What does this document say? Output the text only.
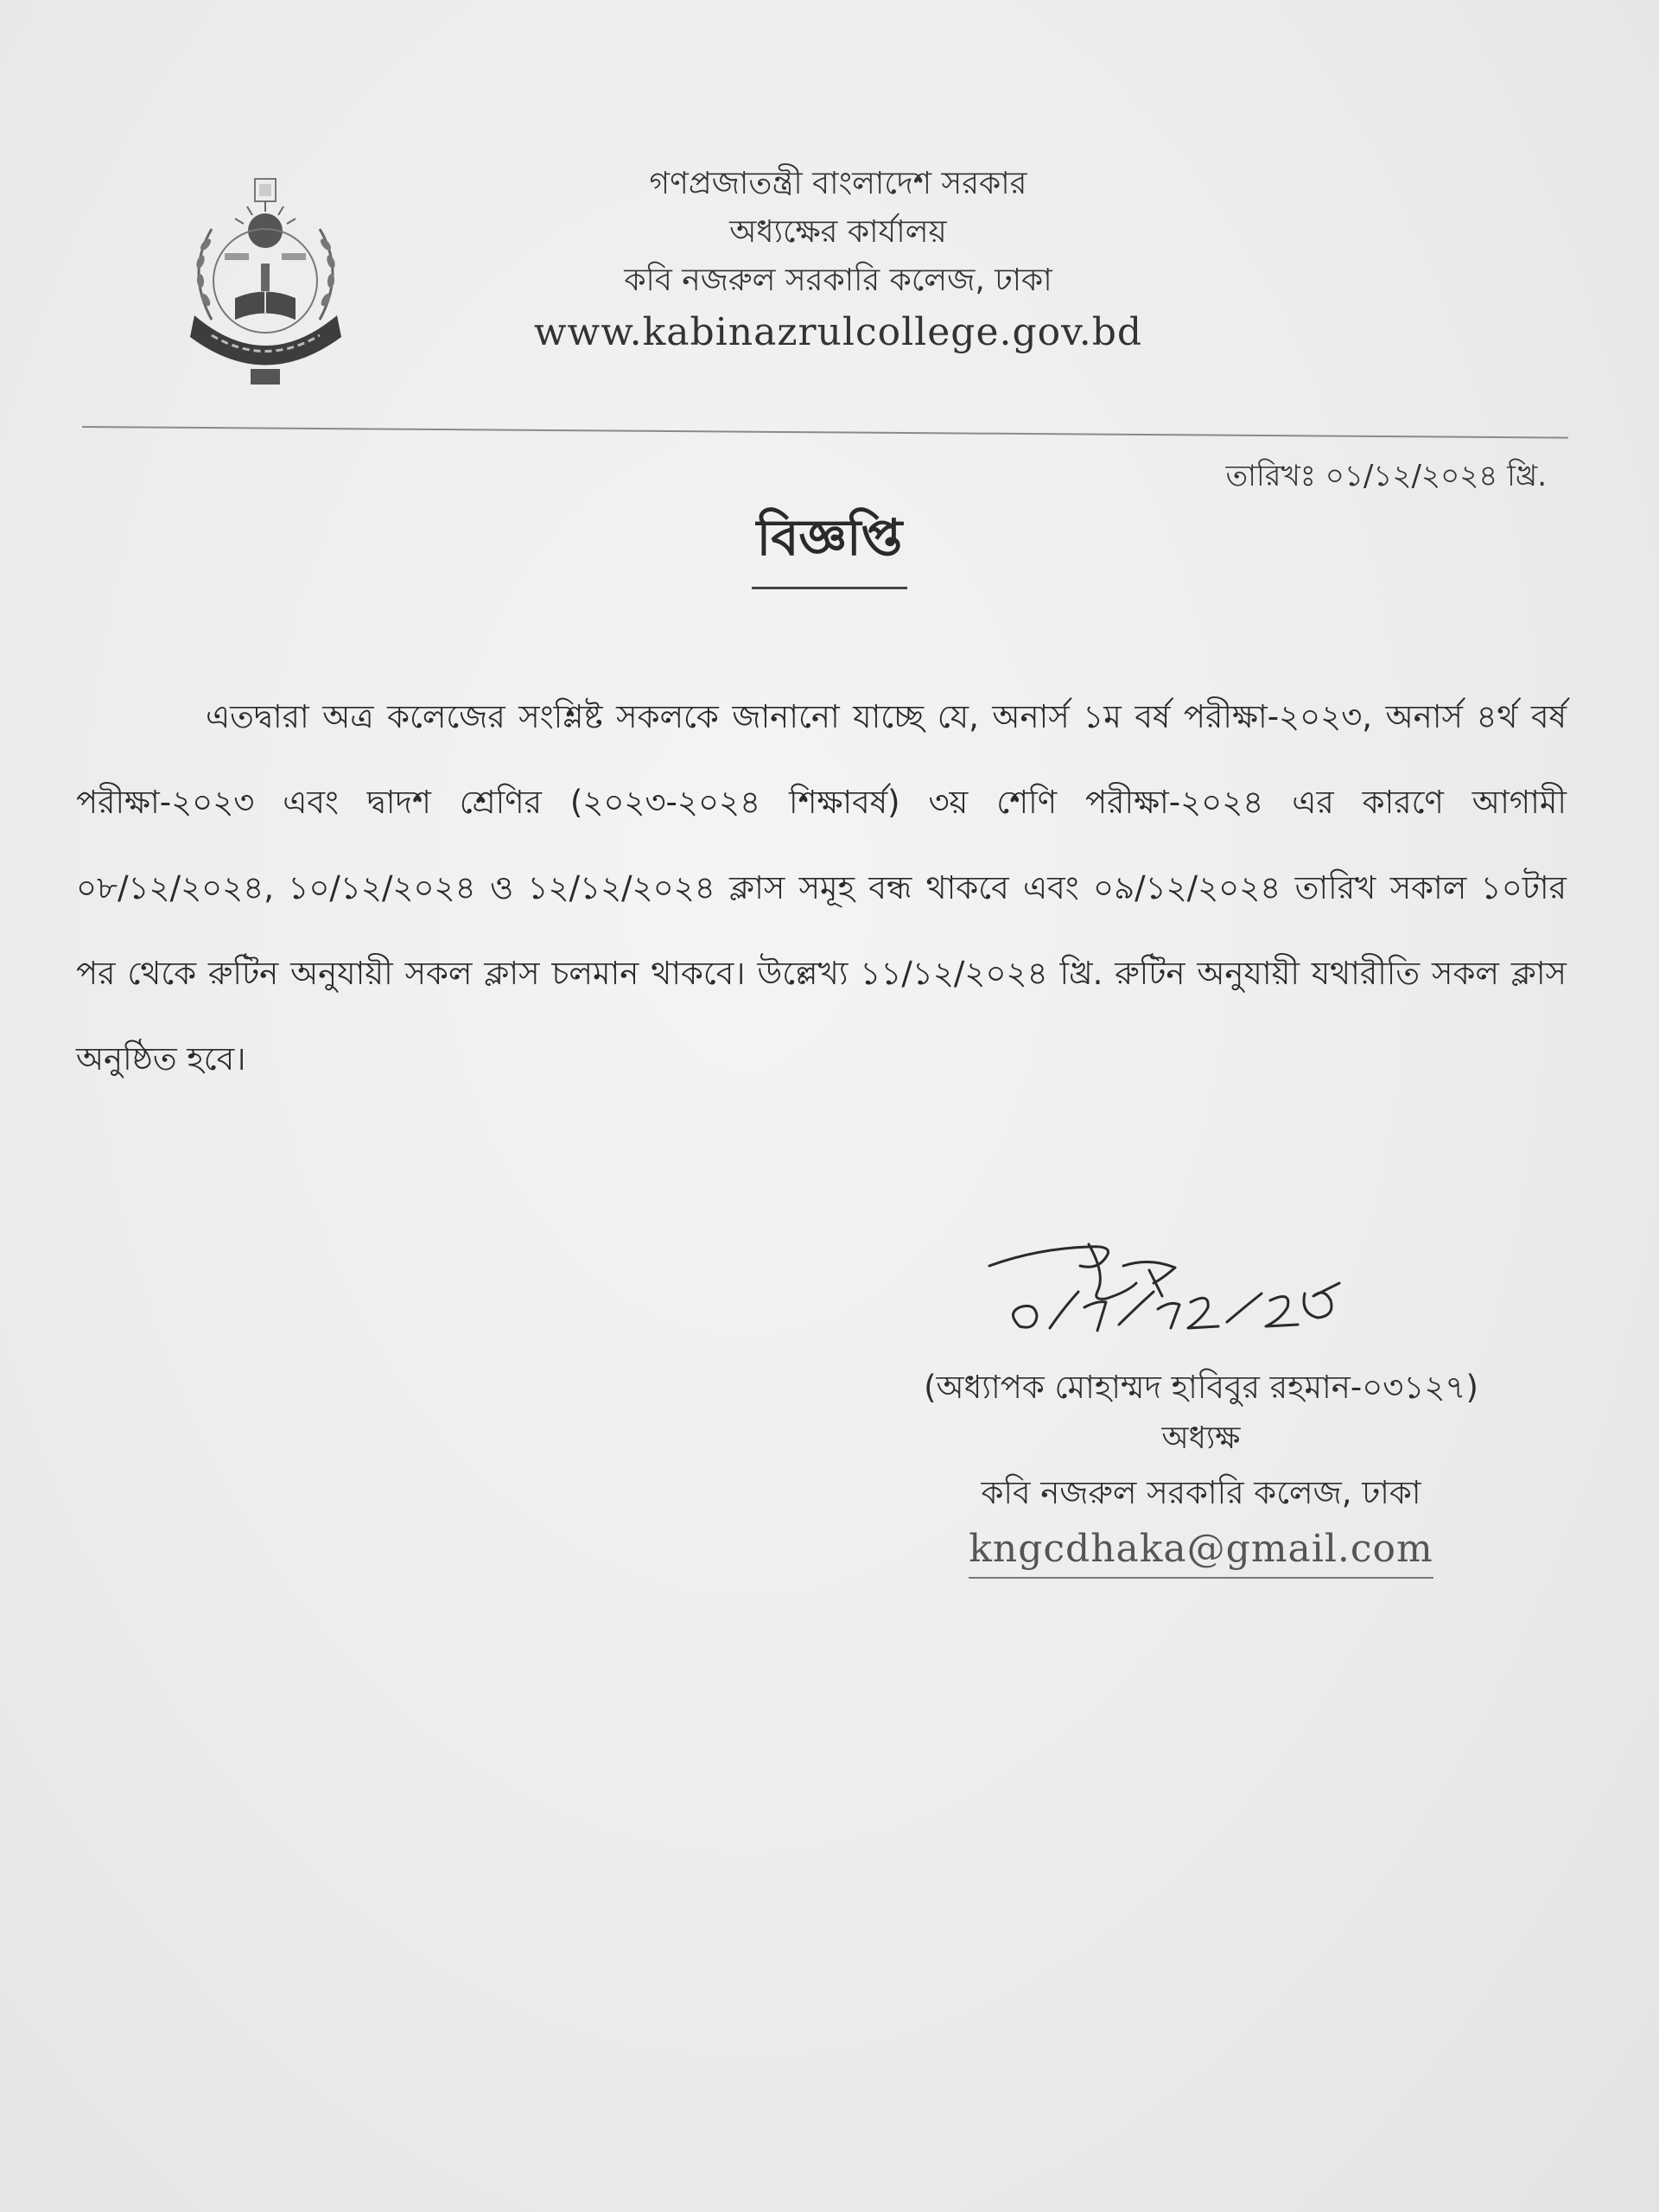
গণপ্রজাতন্ত্রী বাংলাদেশ সরকার
অধ্যক্ষের কার্যালয়
কবি নজরুল সরকারি কলেজ, ঢাকা
www.kabinazrulcollege.gov.bd
তারিখঃ ০১/১২/২০২৪ খ্রি.
বিজ্ঞপ্তি
এতদ্বারা অত্র কলেজের সংশ্লিষ্ট সকলকে জানানো যাচ্ছে যে, অনার্স ১ম বর্ষ পরীক্ষা-২০২৩, অনার্স ৪র্থ বর্ষ পরীক্ষা-২০২৩ এবং দ্বাদশ শ্রেণির (২০২৩-২০২৪ শিক্ষাবর্ষ) ৩য় শেণি পরীক্ষা-২০২৪ এর কারণে আগামী ০৮/১২/২০২৪, ১০/১২/২০২৪ ও ১২/১২/২০২৪ ক্লাস সমূহ বন্ধ থাকবে এবং ০৯/১২/২০২৪ তারিখ সকাল ১০টার পর থেকে রুটিন অনুযায়ী সকল ক্লাস চলমান থাকবে। উল্লেখ্য ১১/১২/২০২৪ খ্রি. রুটিন অনুযায়ী যথারীতি সকল ক্লাস অনুষ্ঠিত হবে।
(অধ্যাপক মোহাম্মদ হাবিবুর রহমান-০৩১২৭)
অধ্যক্ষ
কবি নজরুল সরকারি কলেজ, ঢাকা
kngcdhaka@gmail.com
